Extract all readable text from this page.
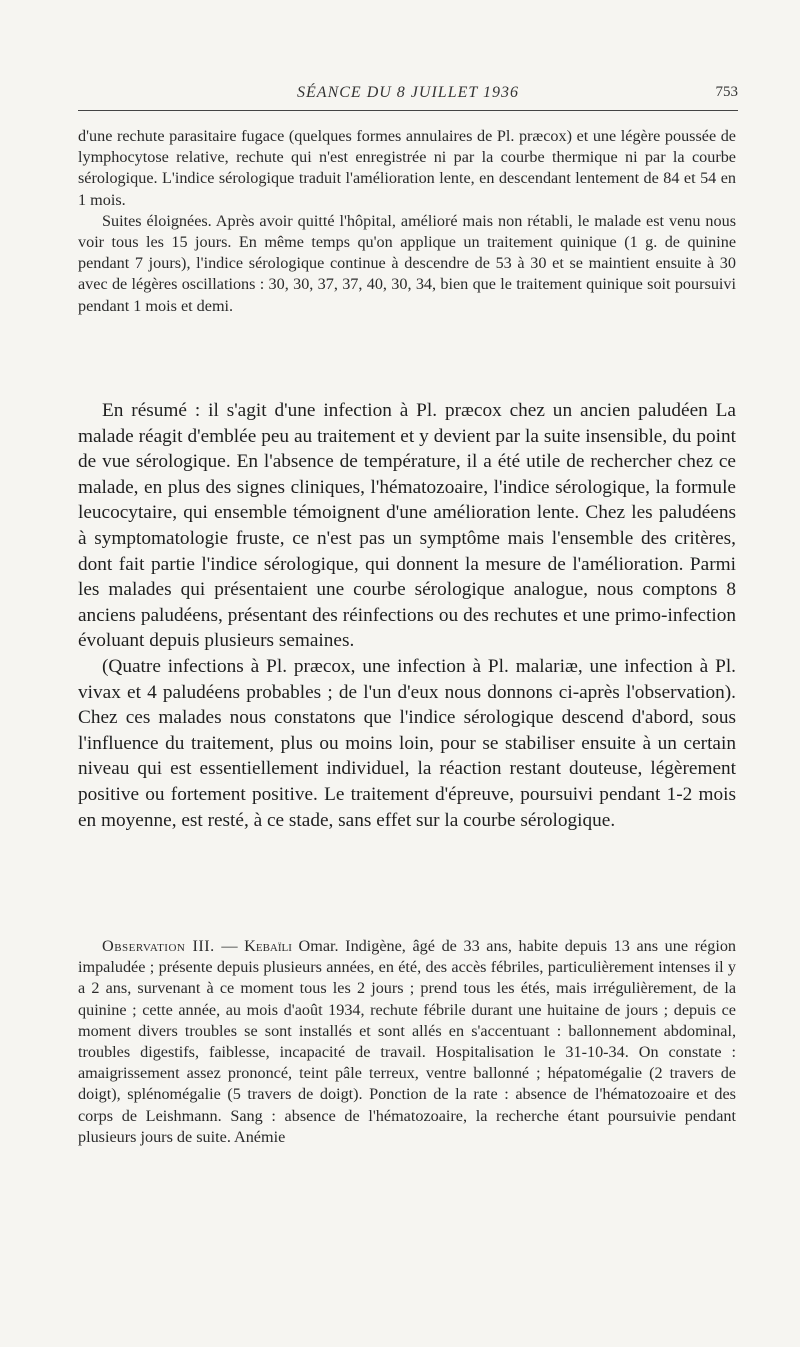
SÉANCE DU 8 JUILLET 1936	753

d'une rechute parasitaire fugace (quelques formes annulaires de Pl. præcox) et une légère poussée de lymphocytose relative, rechute qui n'est enregistrée ni par la courbe thermique ni par la courbe sérologique. L'indice sérologique traduit l'amélioration lente, en descendant lentement de 84 et 54 en 1 mois.

Suites éloignées. Après avoir quitté l'hôpital, amélioré mais non rétabli, le malade est venu nous voir tous les 15 jours. En même temps qu'on applique un traitement quinique (1 g. de quinine pendant 7 jours), l'indice sérologique continue à descendre de 53 à 30 et se maintient ensuite à 30 avec de légères oscillations : 30, 30, 37, 37, 40, 30, 34, bien que le traitement quinique soit poursuivi pendant 1 mois et demi.

En résumé : il s'agit d'une infection à Pl. præcox chez un ancien paludéen La malade réagit d'emblée peu au traitement et y devient par la suite insensible, du point de vue sérologique. En l'absence de température, il a été utile de rechercher chez ce malade, en plus des signes cliniques, l'hématozoaire, l'indice sérologique, la formule leucocytaire, qui ensemble témoignent d'une amélioration lente. Chez les paludéens à symptomatologie fruste, ce n'est pas un symptôme mais l'ensemble des critères, dont fait partie l'indice sérologique, qui donnent la mesure de l'amélioration. Parmi les malades qui présentaient une courbe sérologique analogue, nous comptons 8 anciens paludéens, présentant des réinfections ou des rechutes et une primo-infection évoluant depuis plusieurs semaines.

(Quatre infections à Pl. præcox, une infection à Pl. malariæ, une infection à Pl. vivax et 4 paludéens probables ; de l'un d'eux nous donnons ci-après l'observation). Chez ces malades nous constatons que l'indice sérologique descend d'abord, sous l'influence du traitement, plus ou moins loin, pour se stabiliser ensuite à un certain niveau qui est essentiellement individuel, la réaction restant douteuse, légèrement positive ou fortement positive. Le traitement d'épreuve, poursuivi pendant 1-2 mois en moyenne, est resté, à ce stade, sans effet sur la courbe sérologique.

Observation III. — Kebaïli Omar. Indigène, âgé de 33 ans, habite depuis 13 ans une région impaludée ; présente depuis plusieurs années, en été, des accès fébriles, particulièrement intenses il y a 2 ans, survenant à ce moment tous les 2 jours ; prend tous les étés, mais irrégulièrement, de la quinine ; cette année, au mois d'août 1934, rechute fébrile durant une huitaine de jours ; depuis ce moment divers troubles se sont installés et sont allés en s'accentuant : ballonnement abdominal, troubles digestifs, faiblesse, incapacité de travail. Hospitalisation le 31-10-34. On constate : amaigrissement assez prononcé, teint pâle terreux, ventre ballonné ; hépatomégalie (2 travers de doigt), splénomégalie (5 travers de doigt). Ponction de la rate : absence de l'hématozoaire et des corps de Leishmann. Sang : absence de l'hématozoaire, la recherche étant poursuivie pendant plusieurs jours de suite. Anémie
